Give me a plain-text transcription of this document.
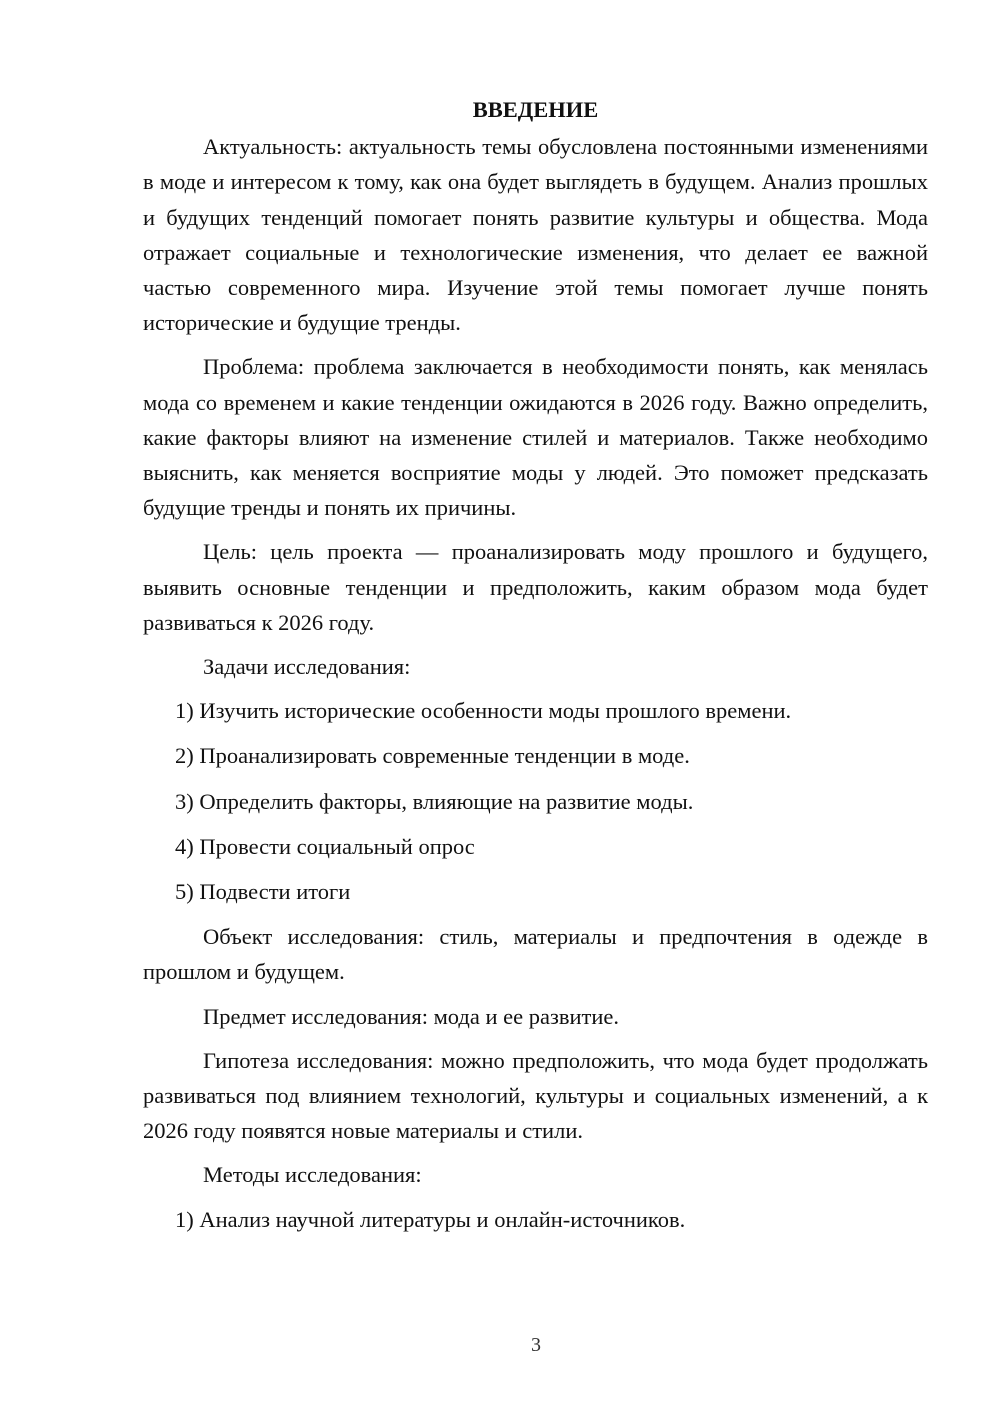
ВВЕДЕНИЕ

Актуальность: актуальность темы обусловлена постоянными изменениями в моде и интересом к тому, как она будет выглядеть в будущем. Анализ прошлых и будущих тенденций помогает понять развитие культуры и общества. Мода отражает социальные и технологические изменения, что делает ее важной частью современного мира. Изучение этой темы помогает лучше понять исторические и будущие тренды.

Проблема: проблема заключается в необходимости понять, как менялась мода со временем и какие тенденции ожидаются в 2026 году. Важно определить, какие факторы влияют на изменение стилей и материалов. Также необходимо выяснить, как меняется восприятие моды у людей. Это поможет предсказать будущие тренды и понять их причины.

Цель: цель проекта — проанализировать моду прошлого и будущего, выявить основные тенденции и предположить, каким образом мода будет развиваться к 2026 году.

Задачи исследования:

1) Изучить исторические особенности моды прошлого времени.

2) Проанализировать современные тенденции в моде.

3) Определить факторы, влияющие на развитие моды.

4) Провести социальный опрос

5) Подвести итоги

Объект исследования: стиль, материалы и предпочтения в одежде в прошлом и будущем.

Предмет исследования: мода и ее развитие.

Гипотеза исследования: можно предположить, что мода будет продолжать развиваться под влиянием технологий, культуры и социальных изменений, а к 2026 году появятся новые материалы и стили.

Методы исследования:

1) Анализ научной литературы и онлайн-источников.

3
